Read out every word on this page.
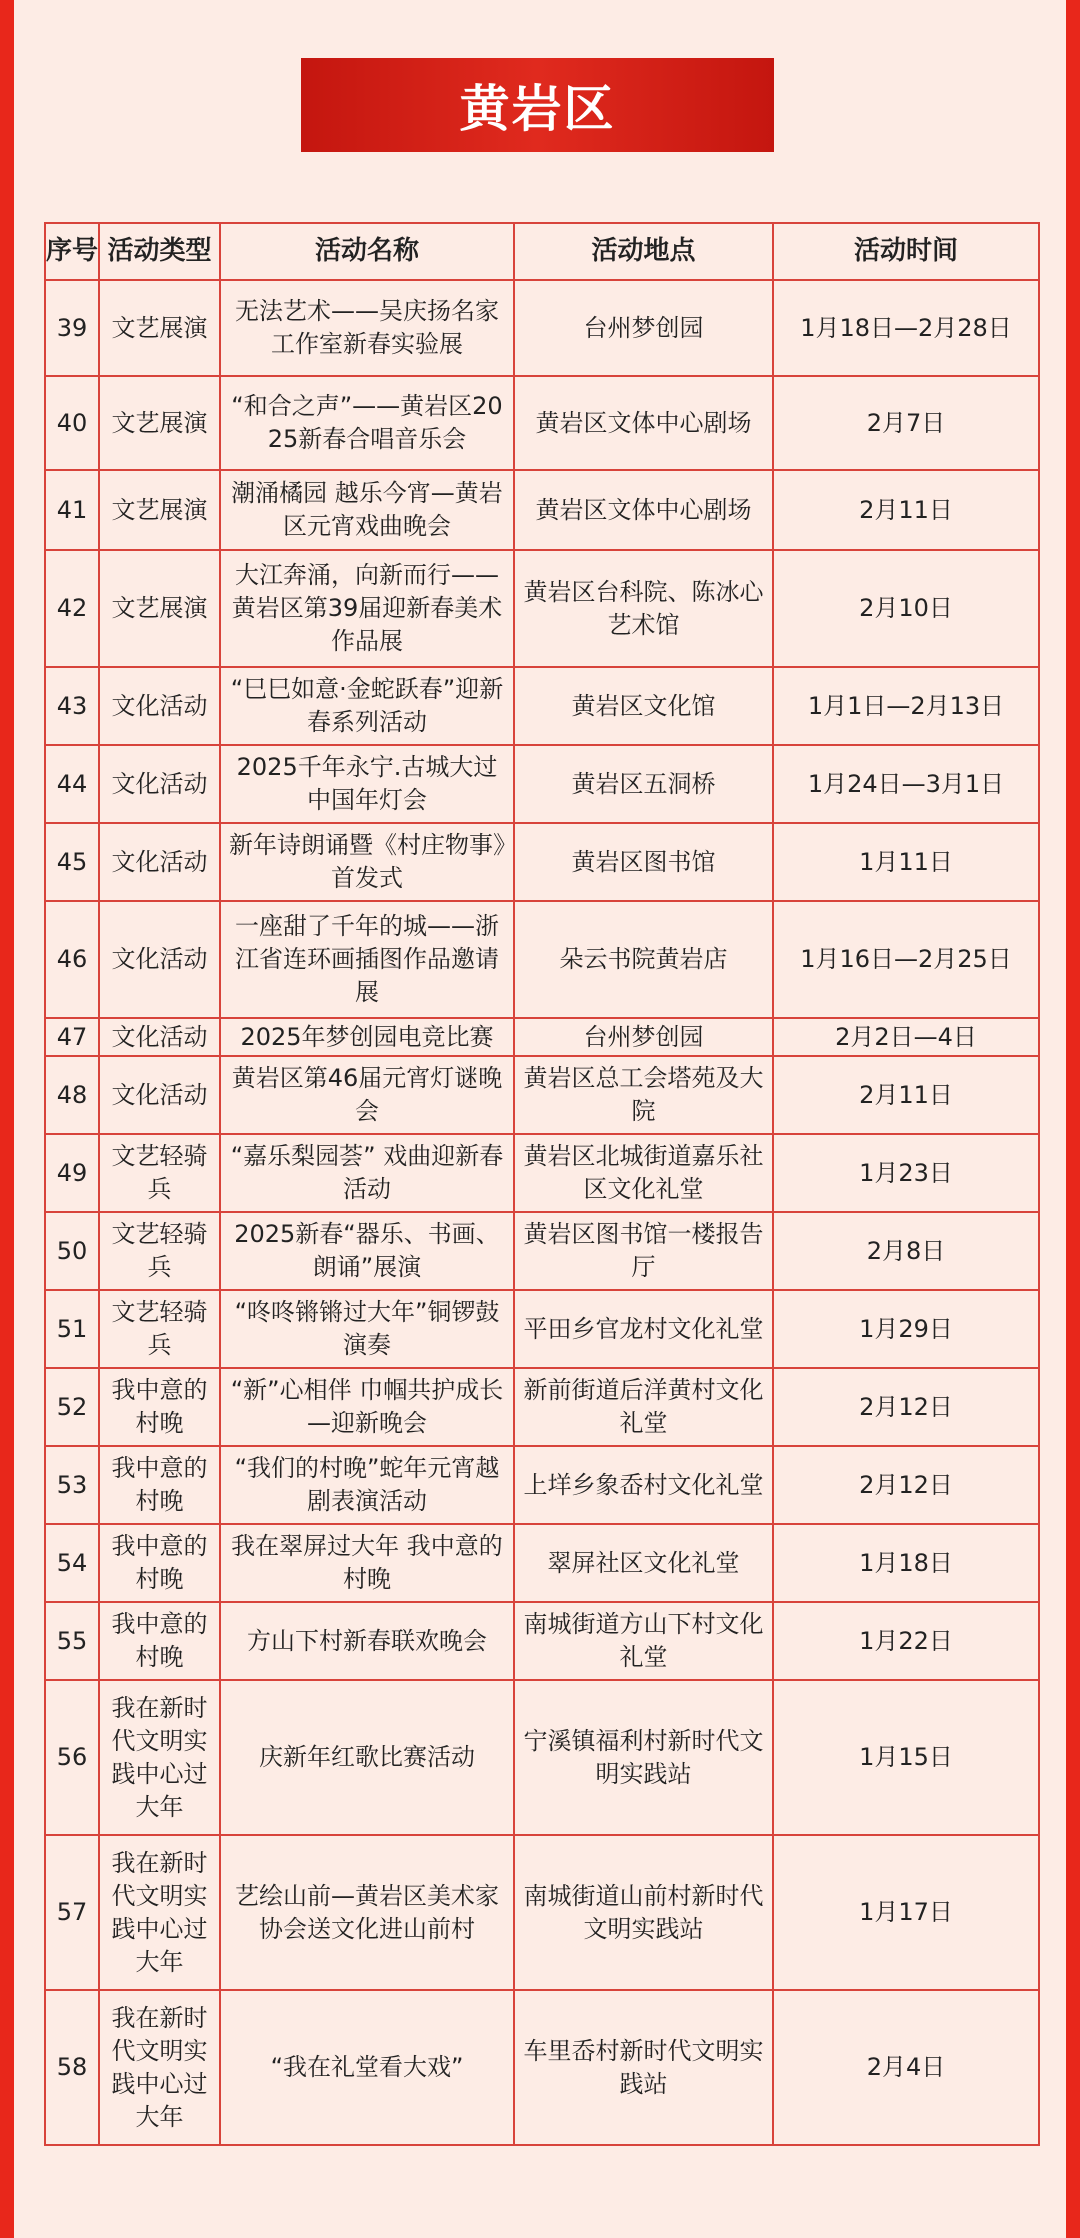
黄岩区
序号	活动类型	活动名称	活动地点	活动时间
39	文艺展演	无法艺术——吴庆扬名家工作室新春实验展	台州梦创园	1月18日—2月28日
40	文艺展演	“和合之声”——黄岩区2025新春合唱音乐会	黄岩区文体中心剧场	2月7日
41	文艺展演	潮涌橘园 越乐今宵—黄岩区元宵戏曲晚会	黄岩区文体中心剧场	2月11日
42	文艺展演	大江奔涌，向新而行——黄岩区第39届迎新春美术作品展	黄岩区台科院、陈冰心艺术馆	2月10日
43	文化活动	“巳巳如意·金蛇跃春”迎新春系列活动	黄岩区文化馆	1月1日—2月13日
44	文化活动	2025千年永宁.古城大过中国年灯会	黄岩区五洞桥	1月24日—3月1日
45	文化活动	新年诗朗诵暨《村庄物事》首发式	黄岩区图书馆	1月11日
46	文化活动	一座甜了千年的城——浙江省连环画插图作品邀请展	朵云书院黄岩店	1月16日—2月25日
47	文化活动	2025年梦创园电竞比赛	台州梦创园	2月2日—4日
48	文化活动	黄岩区第46届元宵灯谜晚会	黄岩区总工会塔苑及大院	2月11日
49	文艺轻骑兵	“嘉乐梨园荟” 戏曲迎新春活动	黄岩区北城街道嘉乐社区文化礼堂	1月23日
50	文艺轻骑兵	2025新春“器乐、书画、朗诵”展演	黄岩区图书馆一楼报告厅	2月8日
51	文艺轻骑兵	“咚咚锵锵过大年”铜锣鼓演奏	平田乡官龙村文化礼堂	1月29日
52	我中意的村晚	“新”心相伴 巾帼共护成长—迎新晚会	新前街道后洋黄村文化礼堂	2月12日
53	我中意的村晚	“我们的村晚”蛇年元宵越剧表演活动	上垟乡象岙村文化礼堂	2月12日
54	我中意的村晚	我在翠屏过大年 我中意的村晚	翠屏社区文化礼堂	1月18日
55	我中意的村晚	方山下村新春联欢晚会	南城街道方山下村文化礼堂	1月22日
56	我在新时代文明实践中心过大年	庆新年红歌比赛活动	宁溪镇福利村新时代文明实践站	1月15日
57	我在新时代文明实践中心过大年	艺绘山前—黄岩区美术家协会送文化进山前村	南城街道山前村新时代文明实践站	1月17日
58	我在新时代文明实践中心过大年	“我在礼堂看大戏”	车里岙村新时代文明实践站	2月4日
